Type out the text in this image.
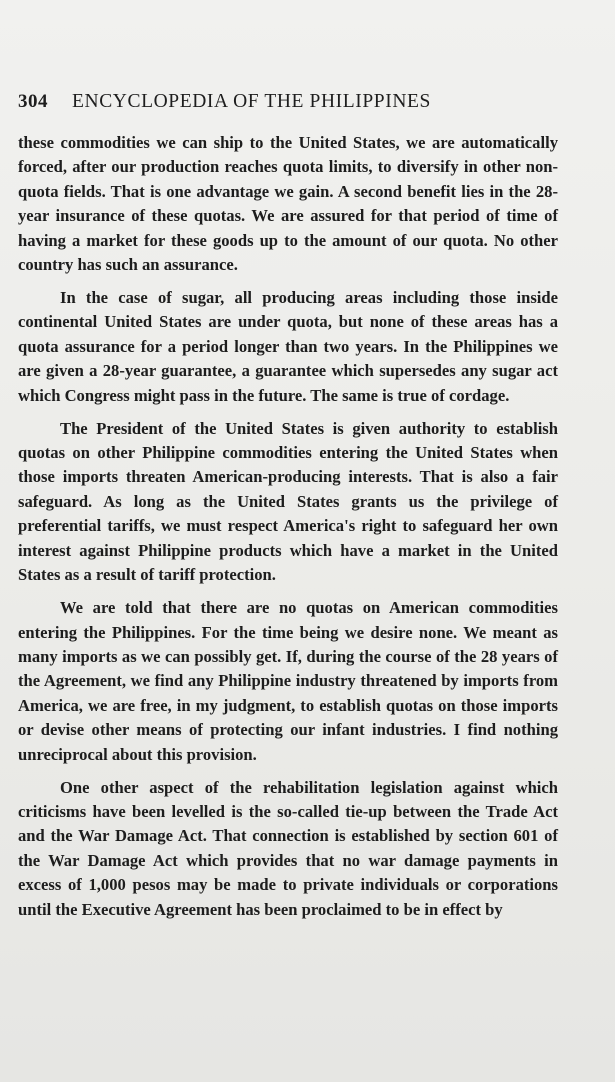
304 ENCYCLOPEDIA OF THE PHILIPPINES

these commodities we can ship to the United States, we are automatically forced, after our production reaches quota limits, to diversify in other non-quota fields. That is one advantage we gain. A second benefit lies in the 28-year insurance of these quotas. We are assured for that period of time of having a market for these goods up to the amount of our quota. No other country has such an assurance.

In the case of sugar, all producing areas including those inside continental United States are under quota, but none of these areas has a quota assurance for a period longer than two years. In the Philippines we are given a 28-year guarantee, a guarantee which supersedes any sugar act which Congress might pass in the future. The same is true of cordage.

The President of the United States is given authority to establish quotas on other Philippine commodities entering the United States when those imports threaten American-producing interests. That is also a fair safeguard. As long as the United States grants us the privilege of preferential tariffs, we must respect America's right to safeguard her own interest against Philippine products which have a market in the United States as a result of tariff protection.

We are told that there are no quotas on American commodities entering the Philippines. For the time being we desire none. We meant as many imports as we can possibly get. If, during the course of the 28 years of the Agreement, we find any Philippine industry threatened by imports from America, we are free, in my judgment, to establish quotas on those imports or devise other means of protecting our infant industries. I find nothing unreciprocal about this provision.

One other aspect of the rehabilitation legislation against which criticisms have been levelled is the so-called tie-up between the Trade Act and the War Damage Act. That connection is established by section 601 of the War Damage Act which provides that no war damage payments in excess of 1,000 pesos may be made to private individuals or corporations until the Executive Agreement has been proclaimed to be in effect by
